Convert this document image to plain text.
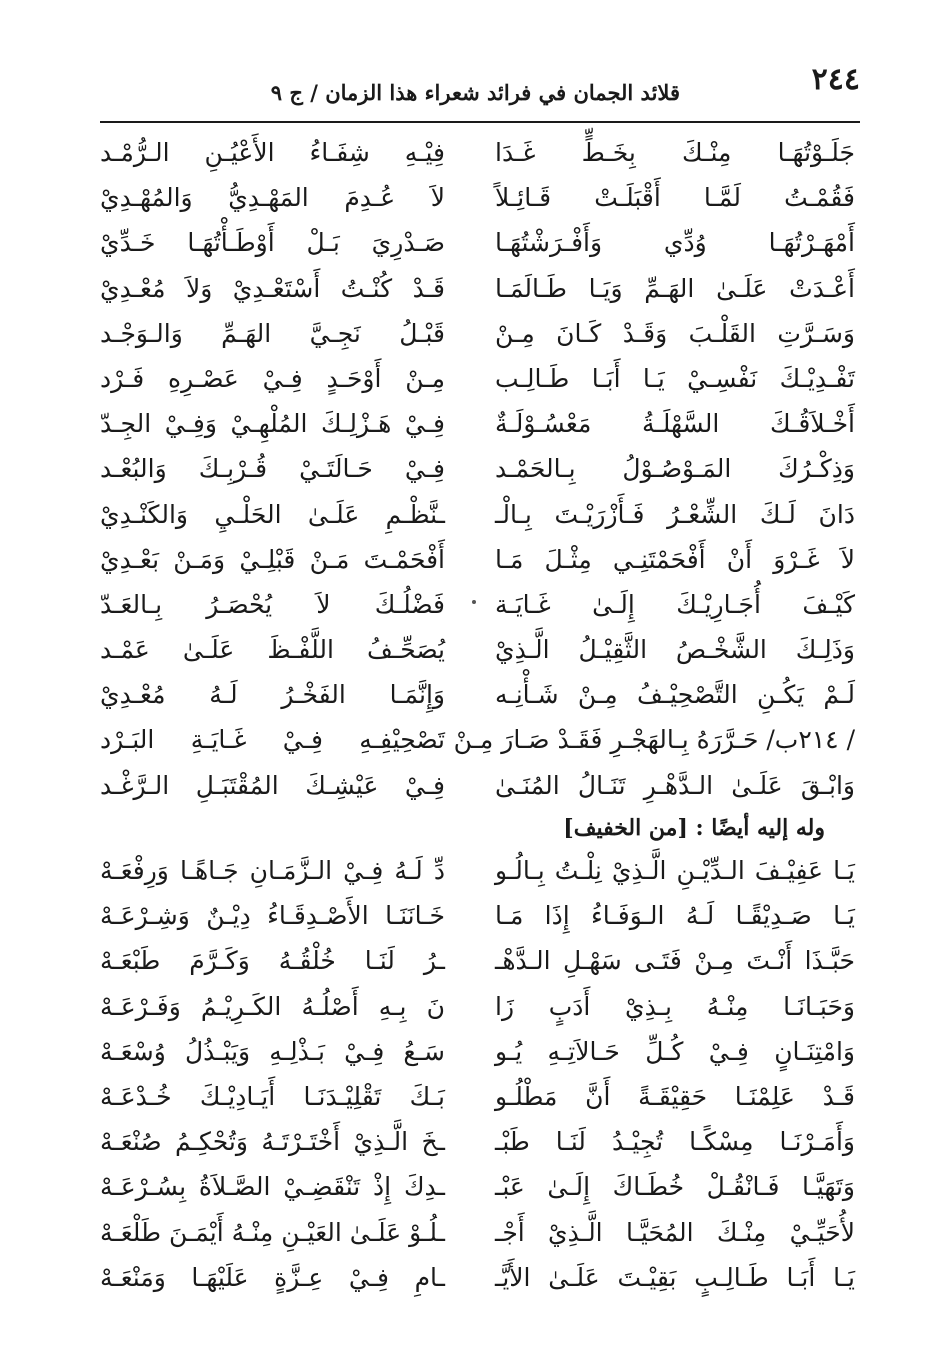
٢٤٤
قلائد الجمان في فرائد شعراء هذا الزمان / ج ٩
جَلَـوْتُهَـا مِنْـكَ بِخَـطٍّ غَـدَا
فَقُمْـتُ لَمَّـا أَقْبَلَـتْ قَـائِـلاً
أَمْهَـرْتُهَـا وُدِّي وَأَفْـرَشْتُهَـا
أَعْـدَتْ عَلَـىٰ الهَـمِّ وَيَـا طَـالَمَـا
وَسَـرَّتِ القَلْـبَ وَقَـدْ كَـانَ مِـنْ
تَفْـدِيْـكَ نَفْسِـيْ يَـا أَبَـا طَـالِـب
أَخْـلاَقُـكَ السَّهْلَـةُ مَعْسُـوْلَـةٌ
وَذِكْـرُكَ المَـوْصُـوْلُ بِـالحَمْـد
دَانَ لَـكَ الشِّعْـرُ فَـأَزْرَيْـتَ بِـالْـ
لاَ غَـرْوَ أَنْ أَفْحَمْتَنِـي مِثْـلَ مَـا
كَيْـفَ أُجَـارِيْـكَ إِلَـىٰ غَـايَـة
وَذَلِـكَ الشَّخْـصُ الثَّقِيْـلُ الَّـذِيْ
لَـمْ يَكُـنِ التَّصْحِيْـفُ مِـنْ شَـأْنِـه
/ ٢١٤ب/ حَـرَّرَهُ بِـالهَجْـرِ فَقَـدْ صَـارَ مِـنْ
وَابْـقَ عَلَـىٰ الـدَّهْـرِ تَنَـالُ المُنَـىٰ
فِيْـهِ شِفَـاءُ الأَعْيُـنِ الـرُّمْـد
لاَ عُـدِمَ المَهْـدِيُّ وَالمُهْـدِيْ
صَـدْرِيَ بَـلْ أَوْطَـأْتُهَـا خَـدِّيْ
قَـدْ كُنْـتُ أَسْتَعْـدِيْ وَلاَ مُعْـدِيْ
قَبْـلُ نَجِـيَّ الهَـمِّ وَالـوَجْـد
مِـنْ أَوْحَـدٍ فِـيْ عَصْـرِهِ فَـرْد
فِـيْ هَـزْلِـكَ المُلْهِـيْ وَفِـيْ الجِـدّ
فِـيْ حَـالَتَـيْ قُـرْبِـكَ وَالبُعْـد
ـنَّظْـمِ عَلَـىٰ الحَلْـيِ وَالكَنْـدِيْ
أَفْحَمْـتَ مَـنْ قَبْلِـيْ وَمَـنْ بَعْـدِيْ
فَضْلُـكَ لاَ يُحْصَـرُ بِـالعَـدّ
يُصَحِّـفُ اللَّفْـظَ عَلَـىٰ عَمْـد
وَإِنَّمَـا الفَخْـرُ لَـهُ مُعْـدِيْ
تَصْحِيْفِـهِ فِـيْ غَـايَـةِ البَـرْد
فِـيْ عَيْشِـكَ المُقْتَبَـلِ الـرَّغْـد
وله إليه أيضًا : [من الخفيف]
يَـا عَفِيْـفَ الـدِّيْـنِ الَّـذِيْ نِلْـتُ بِـالُـو
يَـا صَـدِيْقًـا لَـهُ الـوَفَـاءُ إِذَا مَـا
حَبَّـذَا أَنْـتَ مِـنْ فَتَـى سَهْـلِ الـدَّهْـ
وَحَبَـانَـا مِنْـهُ بِـذِيْ أَدَبٍ زَا
وَامْتِنَـانٍ فِـيْ كُـلِّ حَـالاَتِـهِ يُـو
قَـدْ عَلِمْنَـا حَقِيْقَـةً أَنَّ مَطْلُـو
وَأَمَـرْنَـا مِسْكًـا تُجِيْـدُ لَنَـا طَبْـ
وَتَهَيَّـا فَـانْقُـلْ خُطَـاكَ إِلَـىٰ عَبْـ
لأُحَيِّـيْ مِنْـكَ المُحَيَّـا الَّـذِيْ أَجْـ
يَـا أَبَـا طَـالِـبٍ بَقِيْـتَ عَلَـىٰ الأَيَّـ
دِّ لَـهُ فِـيْ الـزَّمَـانِ جَـاهًـا وَرِفْعَـهْ
خَـانَنَـا الأَصْـدِقَـاءُ دِيْـنٌ وَشِـرْعَـهْ
ـرُ لَنَـا خُلْقُـهُ وَكَـرَّمَ طَبْعَـهْ
نَ بِـهِ أَصْلُـهُ الكَـرِيْـمُ وَفَـرْعَـهْ
سَـعُ فِـيْ بَـذْلِـهِ وَيَبْـذُلُ وُسْعَـهْ
بَـكَ تَقْلِيْـدَنَـا أَيَـادِيْـكَ خُـدْعَـهْ
ـخَ الَّـذِيْ أَخْتَـرْتَـهُ وَتُحْكِـمُ صُنْعَـهْ
ـدِكَ إِذْ تَنْقَضِـيْ الصَّـلاَةُ بِسُـرْعَـهْ
ـلُـوْ عَلَـىٰ العَيْـنِ مِنْـهُ أَيْمَـنَ طَلْعَـهْ
ـامِ فِـيْ عِـزَّةٍ عَلَيْهَـا وَمَنْعَـهْ
